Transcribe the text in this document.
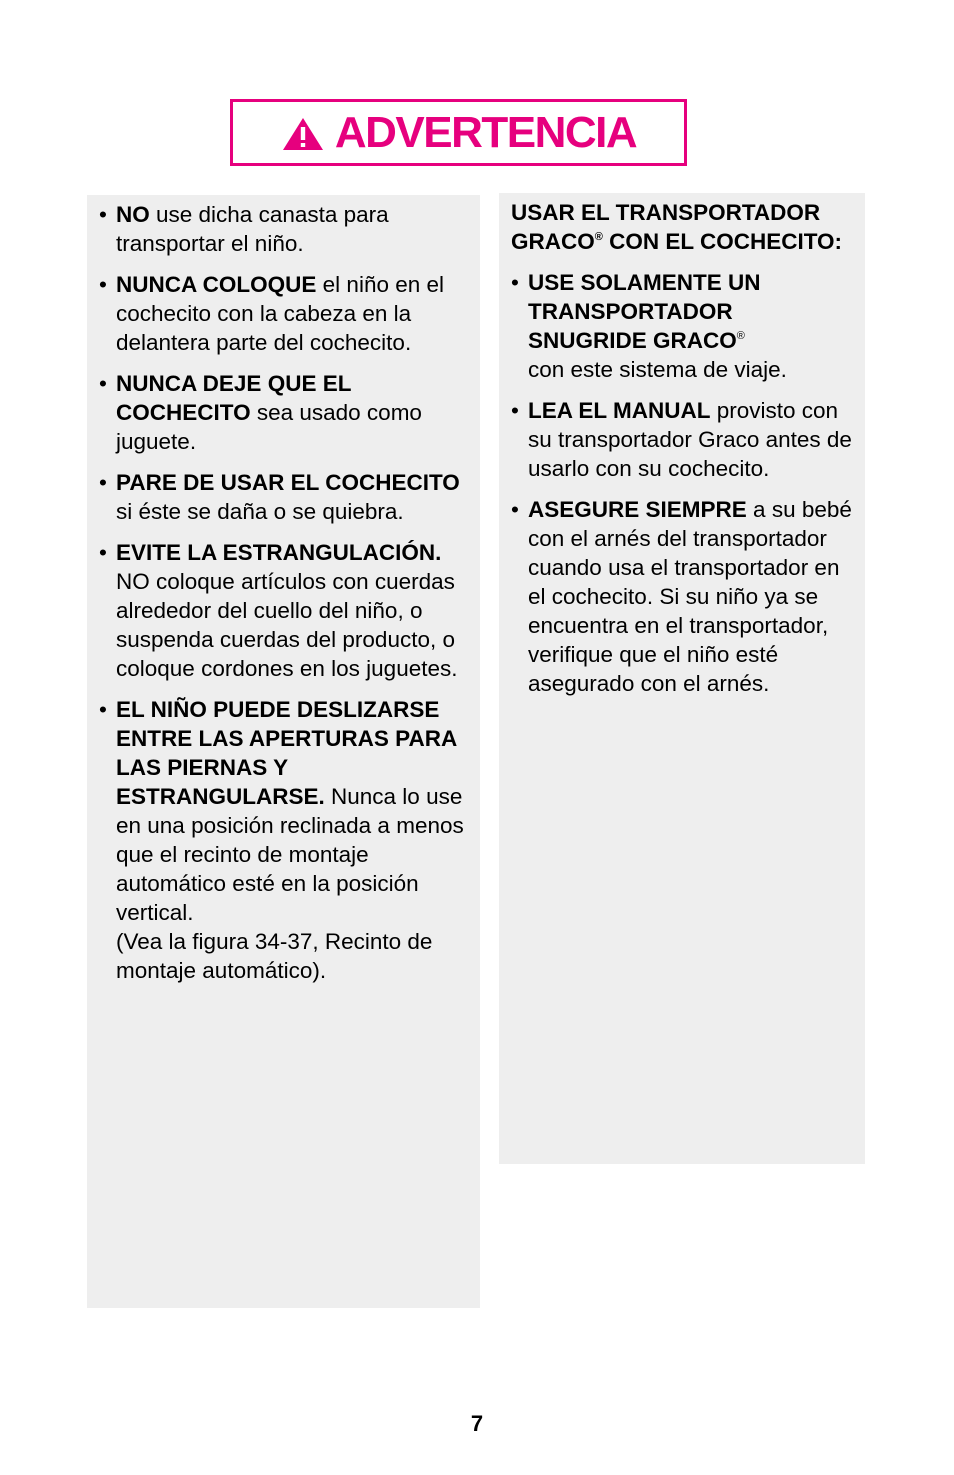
ADVERTENCIA
• NO use dicha canasta para transportar el niño.
• NUNCA COLOQUE el niño en el cochecito con la cabeza en la delantera parte del cochecito.
• NUNCA DEJE QUE EL COCHECITO sea usado como juguete.
• PARE DE USAR EL COCHECITO si éste se daña o se quiebra.
• EVITE LA ESTRANGULACIÓN. NO coloque artículos con cuerdas alrededor del cuello del niño, o suspenda cuerdas del producto, o coloque cordones en los juguetes.
• EL NIÑO PUEDE DESLIZARSE ENTRE LAS APERTURAS PARA LAS PIERNAS Y ESTRANGULARSE. Nunca lo use en una posición reclinada a menos que el recinto de montaje automático esté en la posición vertical.
(Vea la figura 34-37, Recinto de montaje automático).
USAR EL TRANSPORTADOR GRACO® CON EL COCHECITO:
• USE SOLAMENTE UN TRANSPORTADOR SNUGRIDE GRACO®
con este sistema de viaje.
• LEA EL MANUAL provisto con su transportador Graco antes de usarlo con su cochecito.
• ASEGURE SIEMPRE a su bebé con el arnés del transportador cuando usa el transportador en el cochecito. Si su niño ya se encuentra en el transportador, verifique que el niño esté asegurado con el arnés.
7
